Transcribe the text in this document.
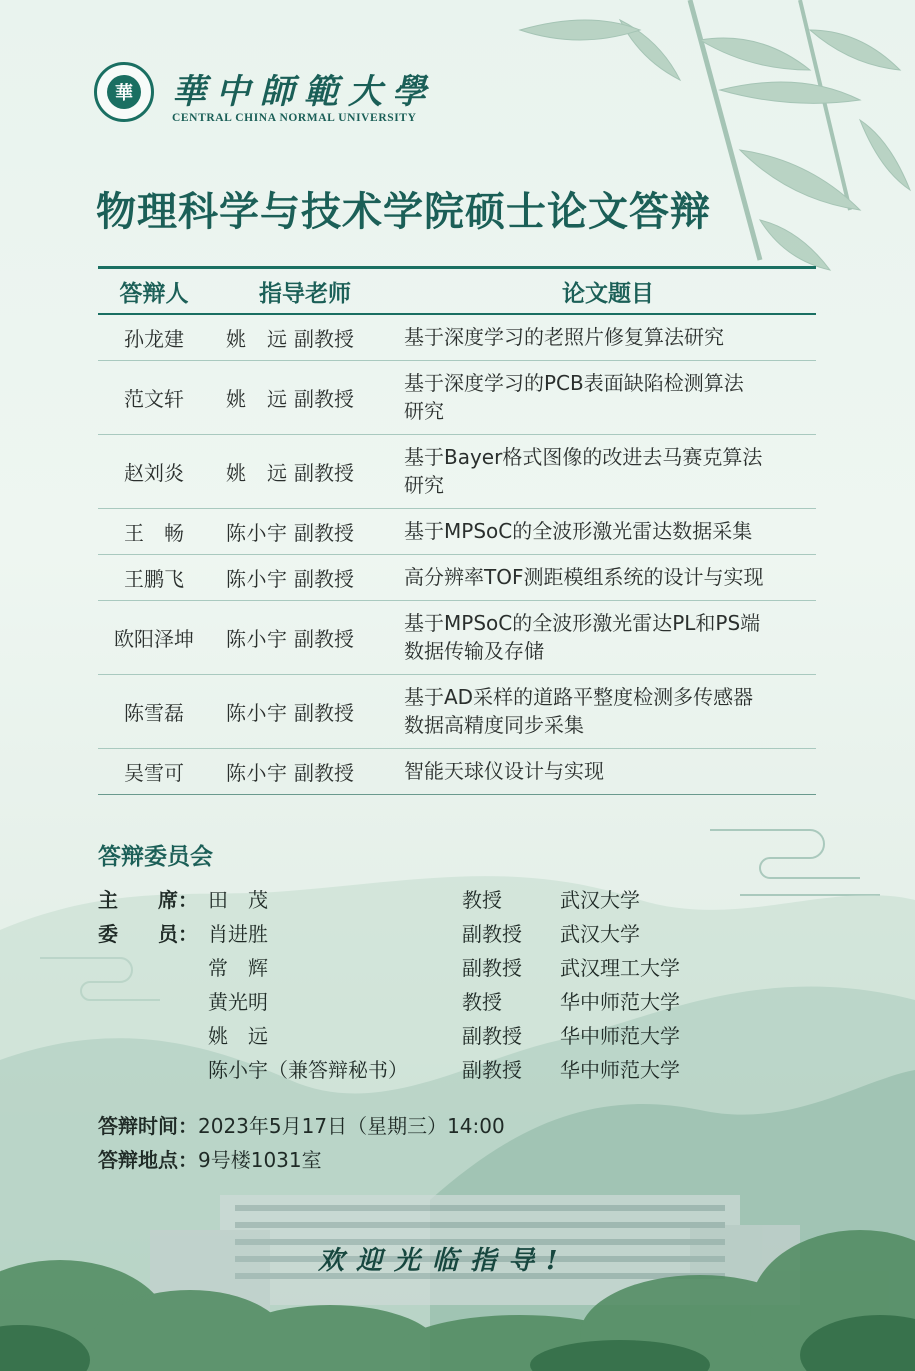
華 華中師範大學
CENTRAL CHINA NORMAL UNIVERSITY
物理科学与技术学院硕士论文答辩
答辩人	指导老师	论文题目
孙龙建	姚　远 副教授	基于深度学习的老照片修复算法研究

范文轩	姚　远 副教授	基于深度学习的PCB表面缺陷检测算法
研究

赵刘炎	姚　远 副教授	基于Bayer格式图像的改进去马赛克算法
研究

王　畅	陈小宇 副教授	基于MPSoC的全波形激光雷达数据采集

王鹏飞	陈小宇 副教授	高分辨率TOF测距模组系统的设计与实现

欧阳泽坤	陈小宇 副教授	基于MPSoC的全波形激光雷达PL和PS端
数据传输及存储

陈雪磊	陈小宇 副教授	基于AD采样的道路平整度检测多传感器
数据高精度同步采集

吴雪可	陈小宇 副教授	智能天球仪设计与实现
答辩委员会
主　　席： 田　茂	教授	武汉大学
委　　员： 肖进胜	副教授 武汉大学
常　辉	副教授 武汉理工大学
黄光明	教授	华中师范大学
姚　远	副教授 华中师范大学
陈小宇（兼答辩秘书）	副教授 华中师范大学
答辩时间：2023年5月17日（星期三）14:00
答辩地点：9号楼1031室
欢迎光临指导!
